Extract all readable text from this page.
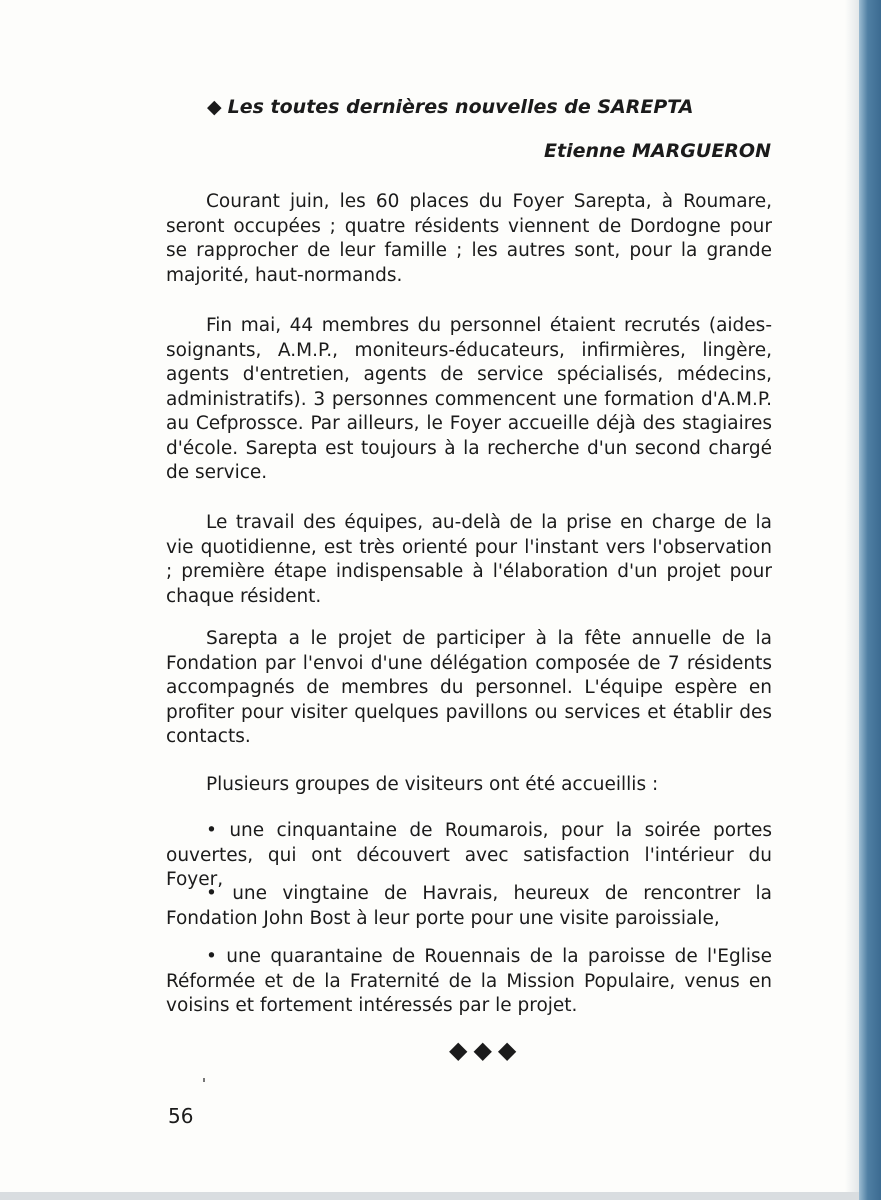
◆ Les toutes dernières nouvelles de SAREPTA
Etienne MARGUERON

Courant juin, les 60 places du Foyer Sarepta, à Roumare, seront occupées ; quatre résidents viennent de Dordogne pour se rapprocher de leur famille ; les autres sont, pour la grande majorité, haut-normands.

Fin mai, 44 membres du personnel étaient recrutés (aides-soignants, A.M.P., moniteurs-éducateurs, infirmières, lingère, agents d'entretien, agents de service spécialisés, médecins, administratifs). 3 personnes commencent une formation d'A.M.P. au Cefprossce. Par ailleurs, le Foyer accueille déjà des stagiaires d'école. Sarepta est toujours à la recherche d'un second chargé de service.

Le travail des équipes, au-delà de la prise en charge de la vie quotidienne, est très orienté pour l'instant vers l'observation ; première étape indispensable à l'élaboration d'un projet pour chaque résident.

Sarepta a le projet de participer à la fête annuelle de la Fondation par l'envoi d'une délégation composée de 7 résidents accompagnés de membres du personnel. L'équipe espère en profiter pour visiter quelques pavillons ou services et établir des contacts.

Plusieurs groupes de visiteurs ont été accueillis :

• une cinquantaine de Roumarois, pour la soirée portes ouvertes, qui ont découvert avec satisfaction l'intérieur du Foyer,

• une vingtaine de Havrais, heureux de rencontrer la Fondation John Bost à leur porte pour une visite paroissiale,

• une quarantaine de Rouennais de la paroisse de l'Eglise Réformée et de la Fraternité de la Mission Populaire, venus en voisins et fortement intéressés par le projet.

◆◆◆
56
